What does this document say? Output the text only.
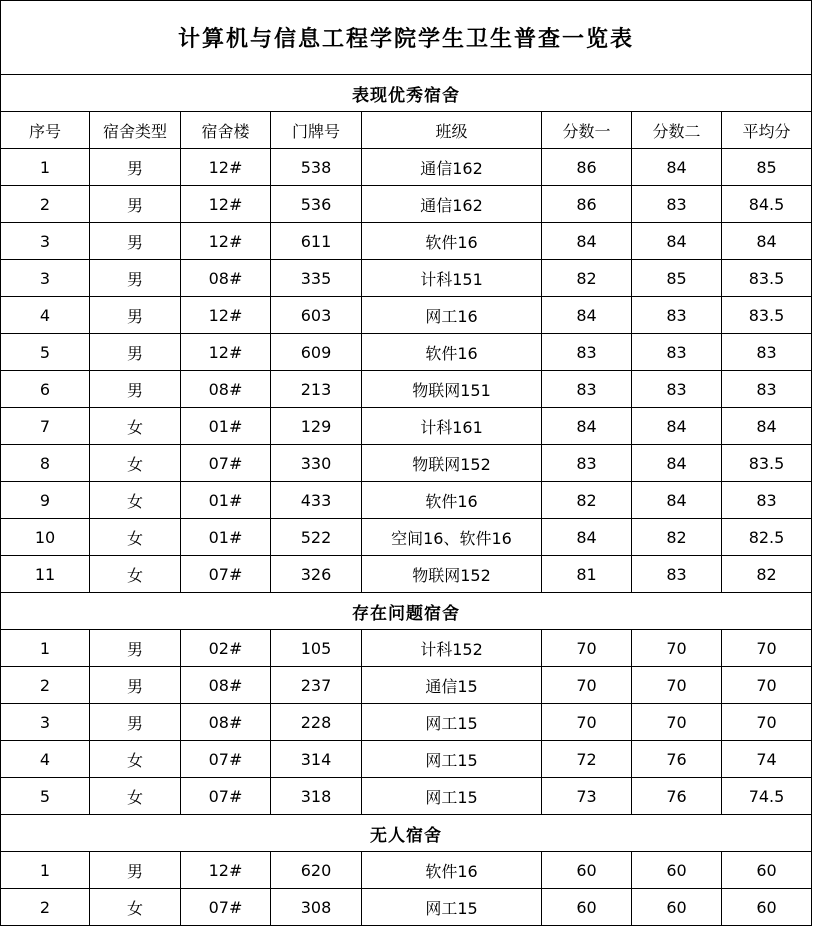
计算机与信息工程学院学生卫生普查一览表							
表现优秀宿舍							
序号	宿舍类型	宿舍楼	门牌号	班级	分数一	分数二	平均分
1	男	12#	538	通信162	86	84	85
2	男	12#	536	通信162	86	83	84.5
3	男	12#	611	软件16	84	84	84
3	男	08#	335	计科151	82	85	83.5
4	男	12#	603	网工16	84	83	83.5
5	男	12#	609	软件16	83	83	83
6	男	08#	213	物联网151	83	83	83
7	女	01#	129	计科161	84	84	84
8	女	07#	330	物联网152	83	84	83.5
9	女	01#	433	软件16	82	84	83
10	女	01#	522	空间16、软件16	84	82	82.5
11	女	07#	326	物联网152	81	83	82
存在问题宿舍							
1	男	02#	105	计科152	70	70	70
2	男	08#	237	通信15	70	70	70
3	男	08#	228	网工15	70	70	70
4	女	07#	314	网工15	72	76	74
5	女	07#	318	网工15	73	76	74.5
无人宿舍							
1	男	12#	620	软件16	60	60	60
2	女	07#	308	网工15	60	60	60
